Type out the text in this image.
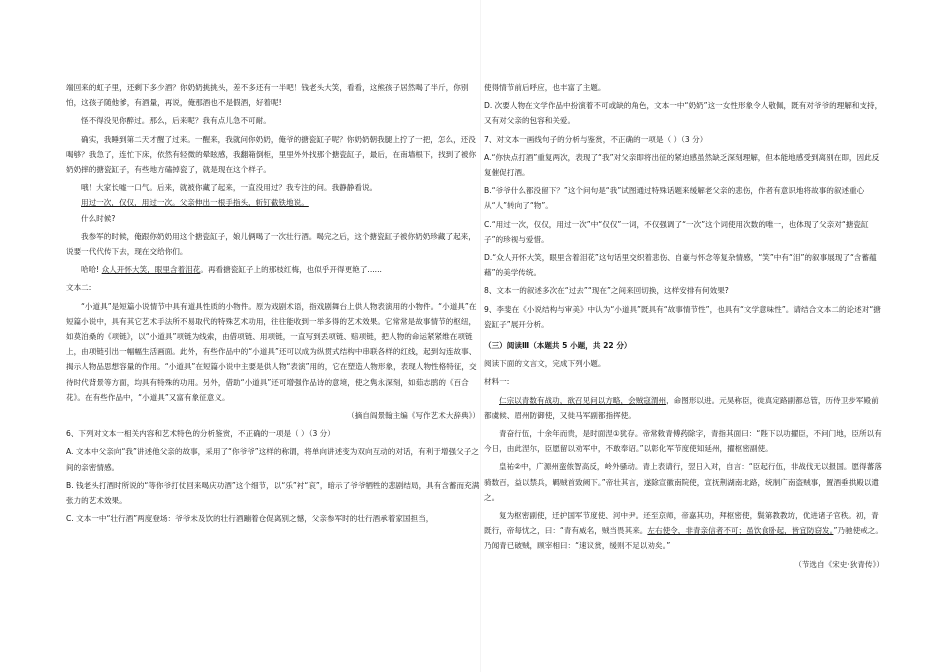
端回来的虹子里，还剩下多少酒？你奶奶挑挑头，差不多还有一半吧！钱老头大笑，看看，这熊孩子居然喝了半斤，你别怕，这孩子随他爹，有酒量，再说，俺那酒也不是假酒，好着呢!

怪不得没见你醉过。那么，后来呢？我有点儿急不可耐。

确实，我睡到第二天才醒了过来。一醒来，我就问你奶奶，俺爷的搪瓷缸子呢？你奶奶朝我腿上拧了一把，怎么，还没喝够？我急了，连忙下床，依然有轻微的晕眩感，我翻箱倒柜，里里外外找那个搪瓷缸子，最后，在南墙根下，找到了被你奶奶摔的搪瓷缸子，有些地方磕掉瓷了，就是现在这个样子。

哦！大家长嘘一口气。后来，就被你藏了起来，一直没用过？我专注的问。我静静看说。

用过一次，仅仅，用过一次。父亲伸出一根手指头，斩钉截铁地说。

什么时候?

我参军的时候，俺跟你奶奶用这个搪瓷缸子，娘儿俩喝了一次壮行酒。喝完之后，这个搪瓷缸子被你奶奶珍藏了起来，说要一代代传下去，现在交给你们。

哈哈! 众人开怀大笑，眼里含着泪花。再看搪瓷缸子上的那枝红梅，也似乎开得更艳了......

文本二:

“小道具”是短篇小说情节中具有道具性质的小物件。原为戏剧术语，指戏剧舞台上供人物表演用的小物件。“小道具”在短篇小说中，具有其它艺术手法所不易取代的特殊艺术功用，往往能收到一举多得的艺术效果。它常常是故事情节的枢纽，如莫泊桑的《项链》，以“小道具”项链为线索，由借项链、用项链，一直写到丢项链、赔项链，把人物的命运紧紧维在项链上，由项链引出一幅幅生活画面。此外，有些作品中的“小道具”还可以成为纵贯式结构中串联各样的红线，起到勾连故事、揭示人物品思想容量的作用。“小道具”在短篇小说中主要是供人物“表演”用的，它在塑造人物形象，表现人物性格特征，交待时代背景等方面，均具有特殊的功用。另外，借助“小道具”还可增强作品诗的意境，使之隽永深刻，如茹志鹃的《百合花》。在有些作品中，“小道具”又富有象征意义。

（摘自阎景翰主编《写作艺术大辞典》）

6、下列对文本一相关内容和艺术特色的分析鉴赏，不正确的一项是（ ）（3 分）

A. 文本中父亲向“我”讲述他父亲的故事，采用了“你爷爷”这样的称谓，将单向讲述变为双向互动的对话，有利于增强父子之间的亲密情感。

B. 钱老头打酒时所说的“等你爷打仗回来喝庆功酒”这个细节，以“乐”衬“哀”，暗示了爷爷牺牲的悲剧结局，具有含蓄而充满张力的艺术效果。

C. 文本一中“壮行酒”两度登场：爷爷未及饮的壮行酒蹦着仓促离别之憾，父亲参军时的壮行酒承着家国担当，

使得情节前后呼应，也丰富了主题。

D. 次要人物在文学作品中扮演着不可或缺的角色，文本一中“奶奶”这一女性形象令人敬佩，既有对爷爷的理解和支持，又有对父亲的包容和关爱。

7、对文本一画线句子的分析与鉴赏，不正确的一项是（ ）（3 分）

A.“你快点打酒”重复两次，表现了“我”对父亲即将出征的紧迫感虽然缺乏深刻理解，但本能地感受到离别在即，因此反复催促打酒。

B.“爷爷什么都没留下？”这个问句是“我”试图通过特殊话题来缓解老父亲的悲伤，作者有意识地将故事的叙述重心从“人”转向了“物”。

C.“用过一次，仅仅，用过一次”中“仅仅”一词，不仅强调了“一次”这个词使用次数的唯一，也体现了父亲对“搪瓷缸子”的珍视与爱惜。

D.“众人开怀大笑，眼里含着泪花”这句话里交织着悲伤、自豪与怀念等复杂情感，“笑”中有“泪”的叙事展现了“含蓄蕴藉”的美学传统。

8、文本一的叙述多次在“过去”“现在”之间来回切换，这样安排有何效果?

9、李斐在《小说结构与审美》中认为“小道具”既具有“故事情节性”，也具有“文学意味性”。请结合文本二的论述对“搪瓷缸子”展开分析。

（三）阅读Ⅲ（本题共 5 小题，共 22 分）

阅读下面的文言文，完成下列小题。

材料一:

仁宗以青数有战功，欲召见问以方略，会贼寇渭州，命图形以进。元昊称臣，徙真定路副都总管，历侍卫步军殿前都虞候、眉州防御使，又徙马军副都指挥使。

青奋行伍，十余年而贵，是时面涅①犹存。帝常敕青傅药除字，青指其面曰：“陛下以功擢臣，不问门地，臣所以有今日，由此涅尔，臣愿留以劝军中，不敢奉诏。”以彰化军节度使知延州，擢枢密副使。

皇祐②中，广源州蛮侬智高反，岭外骚动。青上表请行，翌日入对，自言：“臣起行伍，非战伐无以报国。愿得蕃落骑数百，益以禁兵，羁贼首致阙下。”帝壮其言，遂除宣徽南院使，宣抚荆湖南北路，统制广南盗贼事，置酒垂拱殿以遣之。

复为枢密副使，迁护国军节度使、河中尹。还至京师，帝嘉其功，拜枢密使，鬓第教教坊，优进诸子官秩。初，青既行，帝每忧之，曰：“青有威名，贼当畏其来。左右使令，非青亲信者不可；虽饮食卧起，皆宜防窃发。”乃驰使戒之。乃闻青已破贼，顾宰相曰：“速议赏，缓则不足以劝矣。”

（节选自《宋史·狄青传》）
